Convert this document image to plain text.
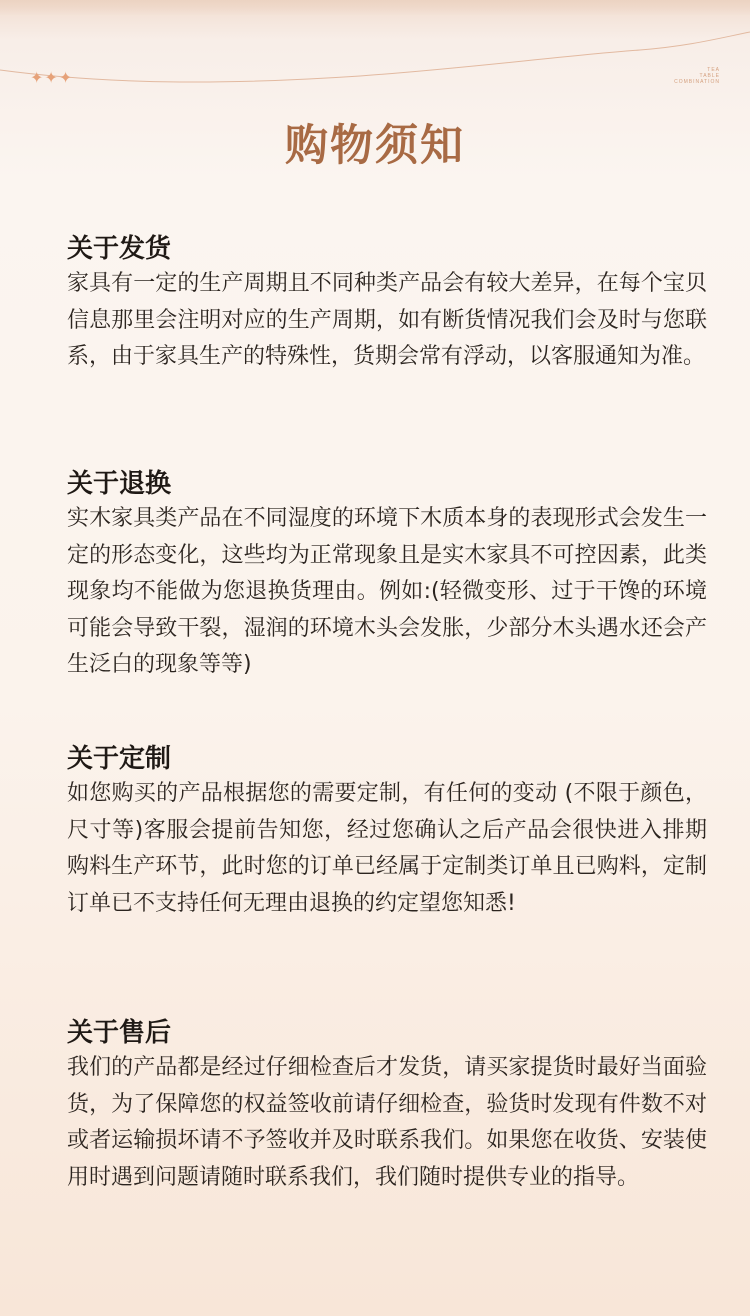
✦✦✦	TEA
TABLE
COMBINATION
购物须知
关于发货

家具有一定的生产周期且不同种类产品会有较大差异，在每个宝贝信息那里会注明对应的生产周期，如有断货情况我们会及时与您联系，由于家具生产的特殊性，货期会常有浮动，以客服通知为准。

关于退换

实木家具类产品在不同湿度的环境下木质本身的表现形式会发生一定的形态变化，这些均为正常现象且是实木家具不可控因素，此类现象均不能做为您退换货理由。例如:(轻微变形、过于干馋的环境可能会导致干裂，湿润的环境木头会发胀，少部分木头遇水还会产生泛白的现象等等)

关于定制

如您购买的产品根据您的需要定制，有任何的变动 (不限于颜色，尺寸等)客服会提前告知您，经过您确认之后产品会很快进入排期购料生产环节，此时您的订单已经属于定制类订单且已购料，定制订单已不支持任何无理由退换的约定望您知悉!

关于售后

我们的产品都是经过仔细检查后才发货，请买家提货时最好当面验货，为了保障您的权益签收前请仔细检查，验货时发现有件数不对或者运输损坏请不予签收并及时联系我们。如果您在收货、安装使用时遇到问题请随时联系我们，我们随时提供专业的指导。
